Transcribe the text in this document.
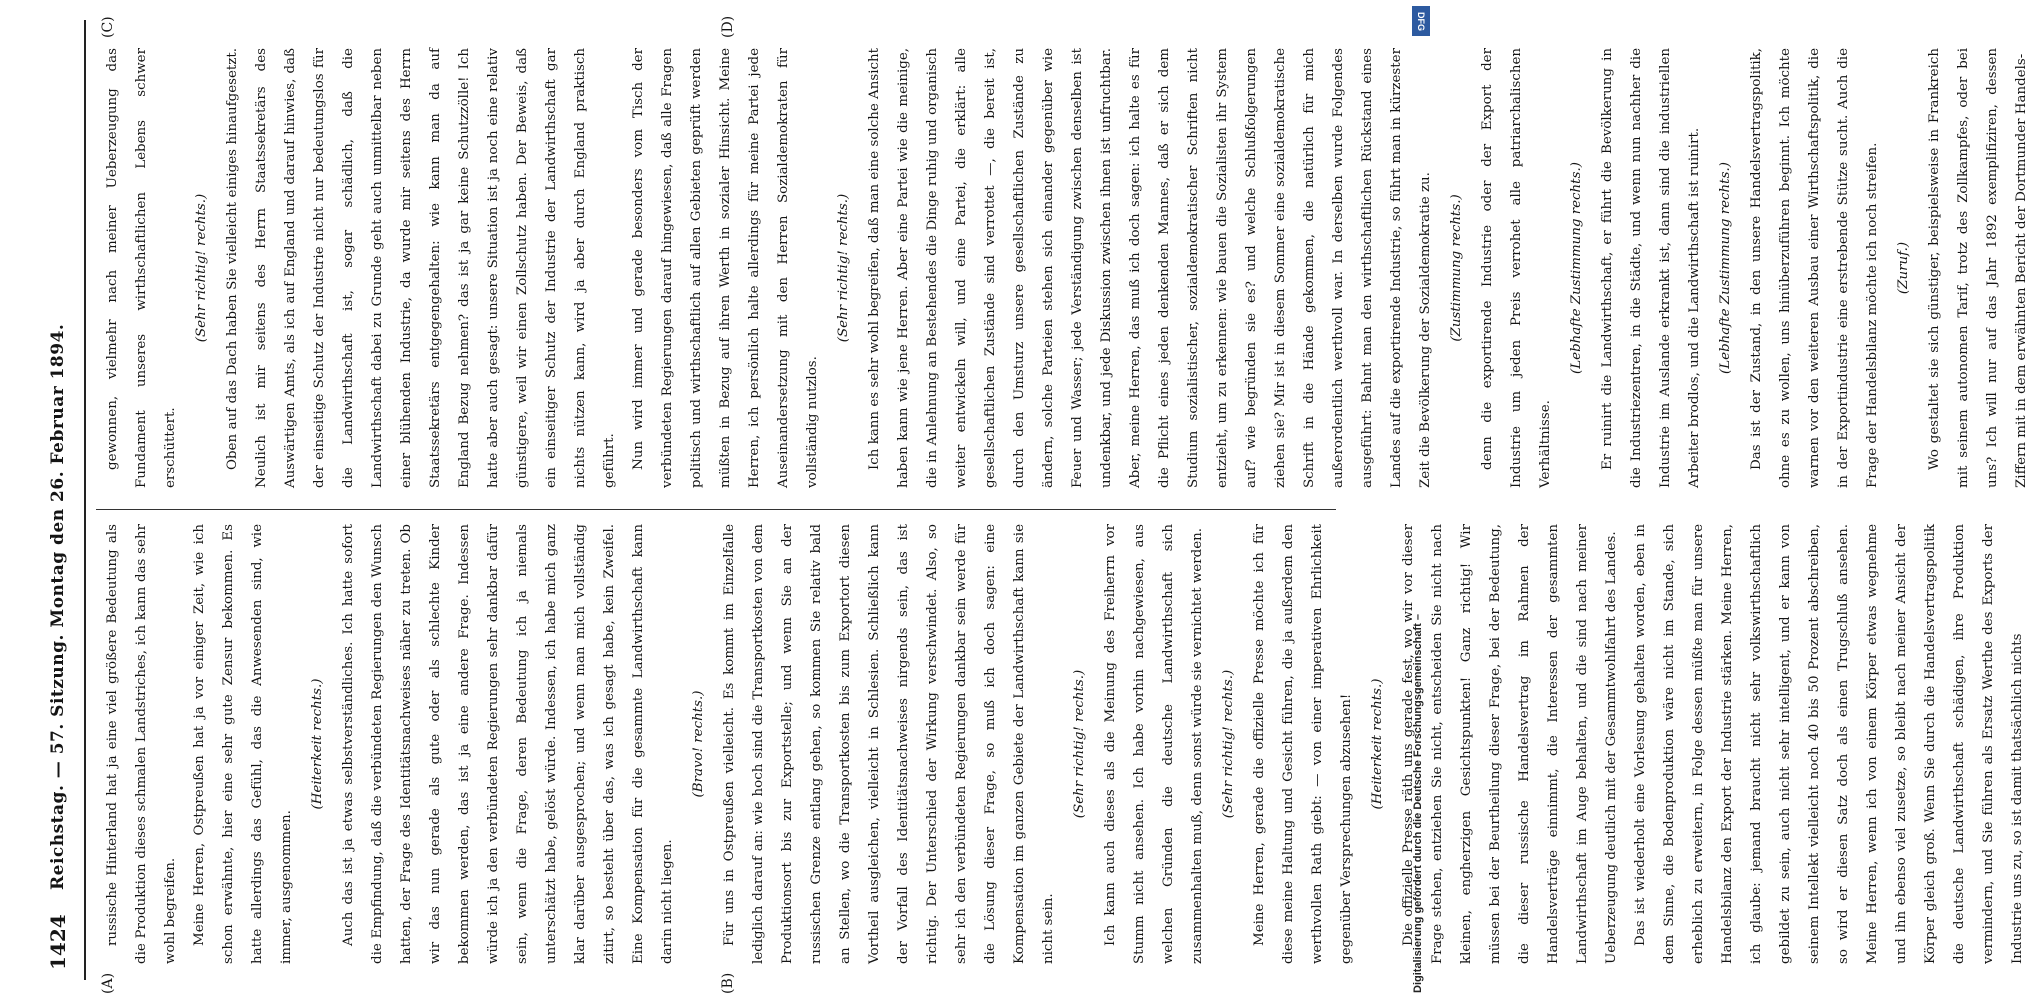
1424
Reichstag. — 57. Sitzung. Montag den 26. Februar 1894.
(A)	(B)
(C)	(D)

russische Hinterland hat ja eine viel größere Bedeutung als die Produktion dieses schmalen Landstriches, ich kann das sehr wohl begreifen.	Meine Herren, Ostpreußen hat ja vor einiger Zeit, wie ich schon erwähnte, hier eine sehr gute Zensur bekommen. Es hatte allerdings das Gefühl, das die Anwesenden sind, wie immer, ausgenommen.

(Heiterkeit rechts.)	Auch das ist ja etwas selbstverständliches. Ich hatte sofort die Empfindung, daß die verbündeten Regierungen den Wunsch hatten, der Frage des Identitätsnachweises näher zu treten. Ob wir das nun gerade als gute oder als schlechte Kinder bekommen werden, das ist ja eine andere Frage. Indessen würde ich ja den verbündeten Regierungen sehr dankbar dafür sein, wenn die Frage, deren Bedeutung ich ja niemals unterschätzt habe, gelöst würde. Indessen, ich habe mich ganz klar darüber ausgesprochen; und wenn man mich vollständig zitirt, so besteht über das, was ich gesagt habe, kein Zweifel. Eine Kompensation für die gesammte Landwirthschaft kann darin nicht liegen.

(Bravo! rechts.)	Für uns in Ostpreußen vielleicht. Es kommt im Einzelfalle lediglich darauf an: wie hoch sind die Transportkosten von dem Produktionsort bis zur Exportstelle; und wenn Sie an der russischen Grenze entlang gehen, so kommen Sie relativ bald an Stellen, wo die Transportkosten bis zum Exportort diesen Vortheil ausgleichen, vielleicht in Schlesien. Schließlich kann der Vorfall des Identitätsnachweises nirgends sein, das ist richtig. Der Unterschied der Wirkung verschwindet. Also, so sehr ich den verbündeten Regierungen dankbar sein werde für die Lösung dieser Frage, so muß ich doch sagen: eine Kompensation im ganzen Gebiete der Landwirthschaft kann sie nicht sein.

(Sehr richtig! rechts.)	Ich kann auch dieses als die Meinung des Freiherrn vor Stumm nicht ansehen. Ich habe vorhin nachgewiesen, aus welchen Gründen die deutsche Landwirthschaft sich zusammenhalten muß, denn sonst würde sie vernichtet werden.	(Sehr richtig! rechts.)	Meine Herren, gerade die offizielle Presse möchte ich für diese meine Haltung und Gesicht führen, die ja außerdem den werthvollen Rath giebt: — von einer imperativen Ehrlichkeit gegenüber Versprechungen abzusehen!	(Heiterkeit rechts.)	Die offizielle Presse räth uns gerade fest, wo wir vor dieser Frage stehen, entziehen Sie nicht, entscheiden Sie nicht nach kleinen, engherzigen Gesichtspunkten! Ganz richtig! Wir müssen bei der Beurtheilung dieser Frage, bei der Bedeutung, die dieser russische Handelsvertrag im Rahmen der Handelsverträge einnimmt, die Interessen der gesammten Landwirthschaft im Auge behalten, und die sind nach meiner Ueberzeugung deutlich mit der Gesammtwohlfahrt des Landes.	Das ist wiederholt eine Vorlesung gehalten worden, eben in dem Sinne, die Bodenproduktion wäre nicht im Stande, sich erheblich zu erweitern, in Folge dessen müßte man für unsere Handelsbilanz den Export der Industrie stärken. Meine Herren, ich glaube: jemand braucht nicht sehr volkswirthschaftlich gebildet zu sein, auch nicht sehr intelligent, und er kann von seinem Intellekt vielleicht noch 40 bis 50 Prozent abschreiben, so wird er diesen Satz doch als einen Trugschluß ansehen. Meine Herren, wenn ich von einem Körper etwas wegnehme und ihn ebenso viel zusetze, so bleibt nach meiner Ansicht der Körper gleich groß. Wenn Sie durch die Handelsvertragspolitik die deutsche Landwirthschaft schädigen, ihre Produktion vermindern, und Sie führen als Ersatz Werthe des Exports der Industrie uns zu, so ist damit thatsächlich nichts

gewonnen, vielmehr nach meiner Ueberzeugung das Fundament unseres wirthschaftlichen Lebens schwer erschüttert.

(Sehr richtig! rechts.)	Oben auf das Dach haben Sie vielleicht einiges hinaufgesetzt. Neulich ist mir seitens des Herrn Staatssekretärs des Auswärtigen Amts, als ich auf England und darauf hinwies, daß der einseitige Schutz der Industrie nicht nur bedeutungslos für die Landwirthschaft ist, sogar schädlich, daß die Landwirthschaft dabei zu Grunde geht auch unmittelbar neben einer blühenden Industrie, da wurde mir seitens des Herrn Staatssekretärs entgegengehalten: wie kann man da auf England Bezug nehmen? das ist ja gar keine Schutzzölle! Ich hatte aber auch gesagt: unsere Situation ist ja noch eine relativ günstigere, weil wir einen Zollschutz haben. Der Beweis, daß ein einseitiger Schutz der Industrie der Landwirthschaft gar nichts nützen kann, wird ja aber durch England praktisch geführt.	Nun wird immer und gerade besonders vom Tisch der verbündeten Regierungen darauf hingewiesen, daß alle Fragen politisch und wirthschaftlich auf allen Gebieten geprüft werden müßten in Bezug auf ihren Werth in sozialer Hinsicht. Meine Herren, ich persönlich halte allerdings für meine Partei jede Auseinandersetzung mit den Herren Sozialdemokraten für vollständig nutzlos.

(Sehr richtig! rechts.)	Ich kann es sehr wohl begreifen, daß man eine solche Ansicht haben kann wie jene Herren. Aber eine Partei wie die meinige, die in Anlehnung an Bestehendes die Dinge ruhig und organisch weiter entwickeln will, und eine Partei, die erklärt: alle gesellschaftlichen Zustände sind verrottet —, die bereit ist, durch den Umsturz unsere gesellschaftlichen Zustände zu ändern, solche Parteien stehen sich einander gegenüber wie Feuer und Wasser; jede Verständigung zwischen denselben ist undenkbar, und jede Diskussion zwischen ihnen ist unfruchtbar. Aber, meine Herren, das muß ich doch sagen: ich halte es für die Pflicht eines jeden denkenden Mannes, daß er sich dem Studium sozialistischer, sozialdemokratischer Schriften nicht entzieht, um zu erkennen: wie bauen die Sozialisten ihr System auf? wie begründen sie es? und welche Schlußfolgerungen ziehen sie? Mir ist in diesem Sommer eine sozialdemokratische Schrift in die Hände gekommen, die natürlich für mich außerordentlich werthvoll war. In derselben wurde Folgendes ausgeführt: Bahnt man den wirthschaftlichen Rückstand eines Landes auf die exportirende Industrie, so führt man in kürzester Zeit die Bevölkerung der Sozialdemokratie zu.	(Zustimmung rechts.)	denn die exportirende Industrie oder der Export der Industrie um jeden Preis verrohet alle patriarchalischen Verhältnisse.

(Lebhafte Zustimmung rechts.)	Er ruinirt die Landwirthschaft, er führt die Bevölkerung in die Industriezentren, in die Städte, und wenn nun nachher die Industrie im Auslande erkrankt ist, dann sind die industriellen Arbeiter brodlos, und die Landwirthschaft ist ruinirt.	(Lebhafte Zustimmung rechts.)	Das ist der Zustand, in den unsere Handelsvertragspolitik, ohne es zu wollen, uns hinüberzuführen beginnt. Ich möchte warnen vor den weiteren Ausbau einer Wirthschaftspolitik, die in der Exportindustrie eine erstrebende Stütze sucht. Auch die Frage der Handelsbilanz möchte ich noch streifen.	(Zuruf.)	Wo gestaltet sie sich günstiger, beispielsweise in Frankreich mit seinem autonomen Tarif, trotz des Zollkampfes, oder bei uns? Ich will nur auf das Jahr 1892 exemplifiziren, dessen Ziffern mit in dem erwähnten Bericht der Dortmunder Handels-

Digitalisierung gefördert durch die Deutsche Forschungsgemeinschaft –
DFG
